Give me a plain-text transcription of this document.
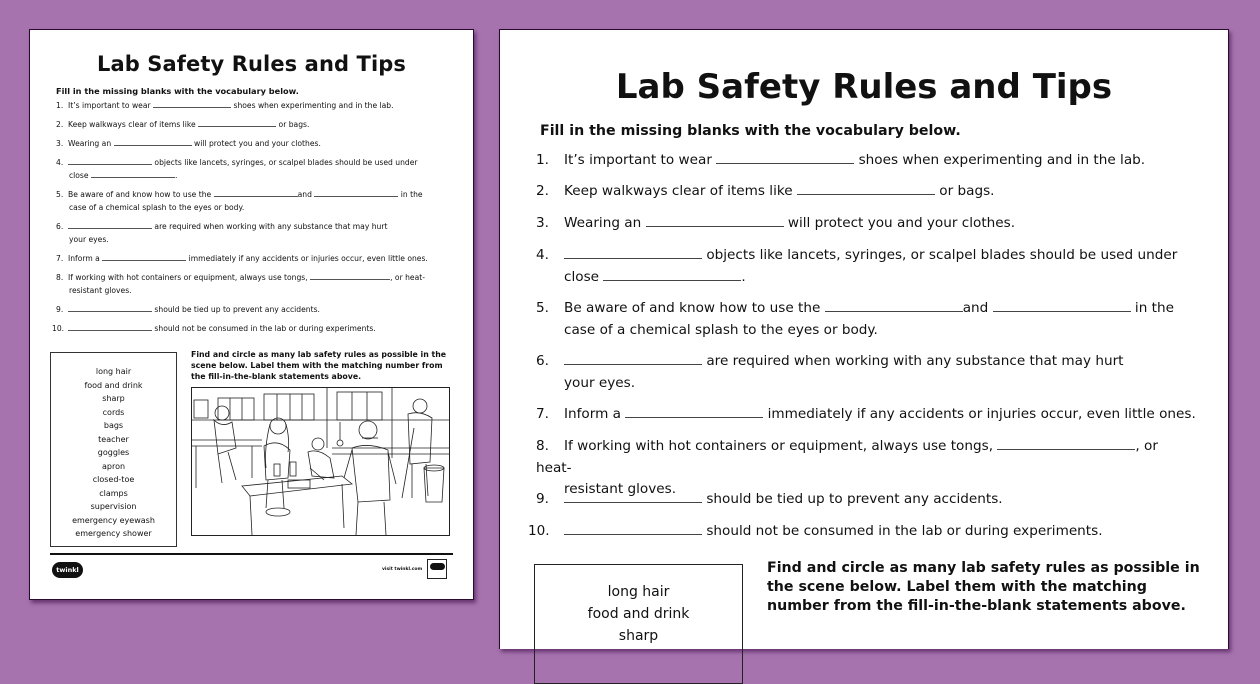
Lab Safety Rules and Tips
Fill in the missing blanks with the vocabulary below.
1. It’s important to wear	shoes when experimenting and in the lab.
2. Keep walkways clear of items like	or bags.
3. Wearing an	will protect you and your clothes.
4.	objects like lancets, syringes, or scalpel blades should be used under
close	.
5. Be aware of and know how to use the	and	in the
case of a chemical splash to the eyes or body.
6.	are required when working with any substance that may hurt
your eyes.
7. Inform a	immediately if any accidents or injuries occur, even little ones.
8. If working with hot containers or equipment, always use tongs,	, or heat-
resistant gloves.
9.	should be tied up to prevent any accidents.
10.	should not be consumed in the lab or during experiments.
long hair
food and drink
sharp
cords
bags
teacher
goggles
apron
closed-toe
clamps
supervision
emergency eyewash
emergency shower
Find and circle as many lab safety rules as possible in the scene below. Label them with the matching number from the fill-in-the-blank statements above.
twinkl	visit twinkl.com
Lab Safety Rules and Tips
Fill in the missing blanks with the vocabulary below.
1. It’s important to wear	shoes when experimenting and in the lab.
2. Keep walkways clear of items like	or bags.
3. Wearing an	will protect you and your clothes.
4.	objects like lancets, syringes, or scalpel blades should be used under
close	.
5. Be aware of and know how to use the	and	in the
case of a chemical splash to the eyes or body.
6.	are required when working with any substance that may hurt
your eyes.
7. Inform a	immediately if any accidents or injuries occur, even little ones.
8. If working with hot containers or equipment, always use tongs,	, or heat-
resistant gloves.
9.	should be tied up to prevent any accidents.
10.	should not be consumed in the lab or during experiments.
long hair
food and drink
sharp
Find and circle as many lab safety rules as possible in the scene below. Label them with the matching number from the fill-in-the-blank statements above.
